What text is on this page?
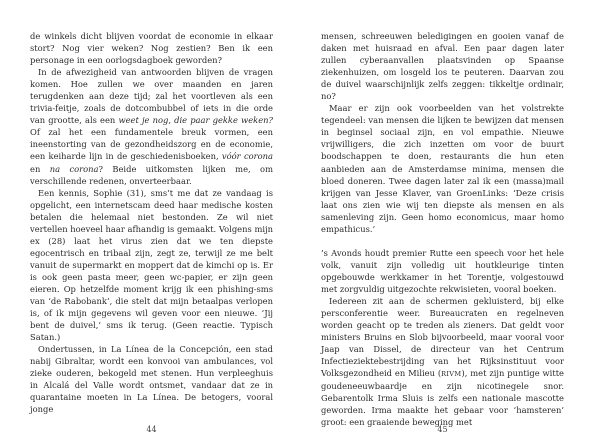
de winkels dicht blijven voordat de economie in elkaar stort? Nog vier weken? Nog zestien? Ben ik een personage in een oorlogsdagboek geworden?

In de afwezigheid van antwoorden blijven de vragen komen. Hoe zullen we over maanden en jaren terugdenken aan deze tijd; zal het voortleven als een trivia-feitje, zoals de dotcombubbel of iets in die orde van grootte, als een weet je nog, die paar gekke weken? Of zal het een fundamentele breuk vormen, een ineenstorting van de gezondheidszorg en de economie, een keiharde lijn in de geschiedenisboeken, vóór corona en na corona? Beide uitkomsten lijken me, om verschillende redenen, onverteerbaar.

Een kennis, Sophie (31), sms’t me dat ze vandaag is opgelicht, een internetscam deed haar medische kosten betalen die helemaal niet bestonden. Ze wil niet vertellen hoeveel haar afhandig is gemaakt. Volgens mijn ex (28) laat het virus zien dat we ten diepste egocentrisch en tribaal zijn, zegt ze, terwijl ze me belt vanuit de supermarkt en moppert dat de kimchi op is. Er is ook geen pasta meer, geen wc-papier, er zijn geen eieren. Op hetzelfde moment krijg ik een phishing-sms van ‘de Rabobank’, die stelt dat mijn betaalpas verlopen is, of ik mijn gegevens wil geven voor een nieuwe. ‘Jij bent de duivel,’ sms ik terug. (Geen reactie. Typisch Satan.)

Ondertussen, in La Línea de la Concepción, een stad nabij Gibraltar, wordt een konvooi van ambulances, vol zieke ouderen, bekogeld met stenen. Hun verpleeghuis in Alcalá del Valle wordt ontsmet, vandaar dat ze in quarantaine moeten in La Línea. De betogers, vooral jonge

44

mensen, schreeuwen beledigingen en gooien vanaf de daken met huisraad en afval. Een paar dagen later zullen cyberaanvallen plaatsvinden op Spaanse ziekenhuizen, om losgeld los te peuteren. Daarvan zou de duivel waarschijnlijk zelfs zeggen: tikkeltje ordinair, no?

Maar er zijn ook voorbeelden van het volstrekte tegendeel: van mensen die lijken te bewijzen dat mensen in beginsel sociaal zijn, en vol empathie. Nieuwe vrijwilligers, die zich inzetten om voor de buurt boodschappen te doen, restaurants die hun eten aanbieden aan de Amsterdamse minima, mensen die bloed doneren. Twee dagen later zal ik een (massa)mail krijgen van Jesse Klaver, van GroenLinks: ‘Deze crisis laat ons zien wie wij ten diepste als mensen en als samenleving zijn. Geen homo economicus, maar homo empathicus.’

’s Avonds houdt premier Rutte een speech voor het hele volk, vanuit zijn volledig uit houtkleurige tinten opgebouwde werkkamer in het Torentje, volgestouwd met zorgvuldig uitgezochte rekwisieten, vooral boeken.

Iedereen zit aan de schermen gekluisterd, bij elke persconferentie weer. Bureaucraten en regelneven worden geacht op te treden als zieners. Dat geldt voor ministers Bruins en Slob bijvoorbeeld, maar vooral voor Jaap van Dissel, de directeur van het Centrum Infectieziektebestrijding van het Rijksinstituut voor Volksgezondheid en Milieu (RIVM), met zijn puntige witte goudeneeuwbaardje en zijn nicotinegele snor. Gebarentolk Irma Sluis is zelfs een nationale mascotte geworden. Irma maakte het gebaar voor ‘hamsteren’ groot: een graaiende beweging met

45
